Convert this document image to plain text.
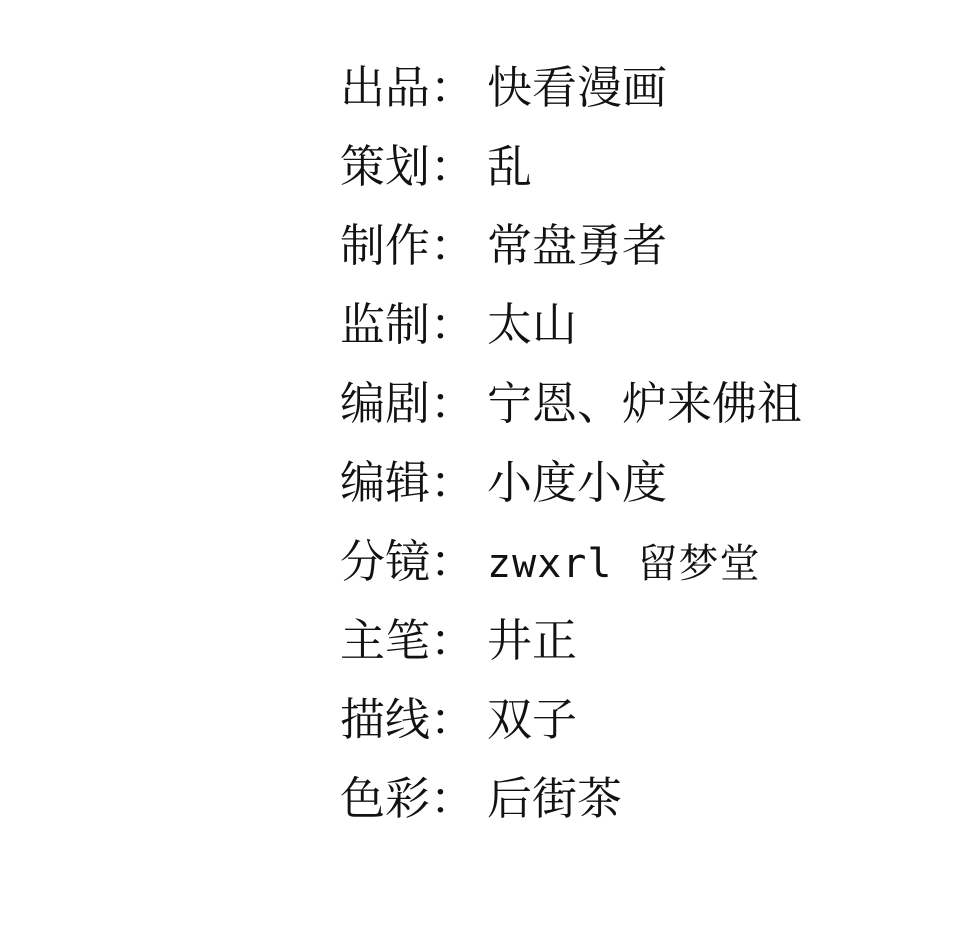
出品 ： 快看漫画
策划 ： 乱
制作 ： 常盘勇者
监制 ： 太山
编剧 ： 宁恩、炉来佛祖
编辑 ： 小度小度
分镜 ： zwxrl 留梦堂
主笔 ： 井正
描线 ： 双子
色彩 ： 后街茶
